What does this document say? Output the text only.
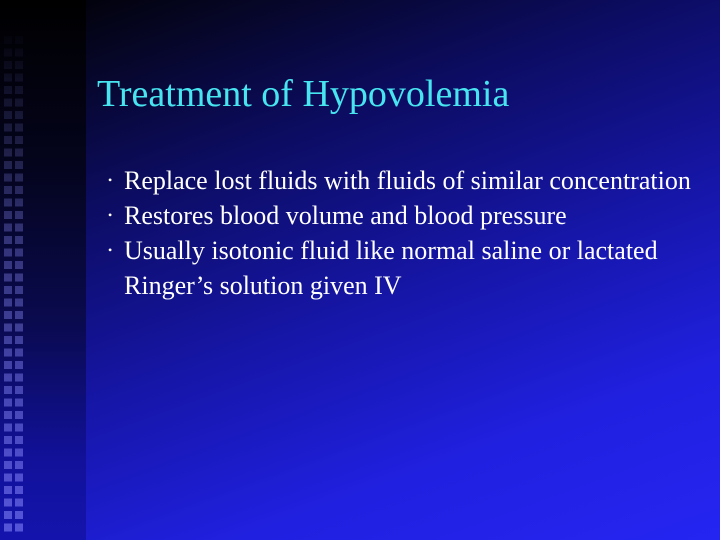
Treatment of Hypovolemia
• Replace lost fluids with fluids of similar concentration
• Restores blood volume and blood pressure
• Usually isotonic fluid like normal saline or lactated Ringer’s solution given IV
